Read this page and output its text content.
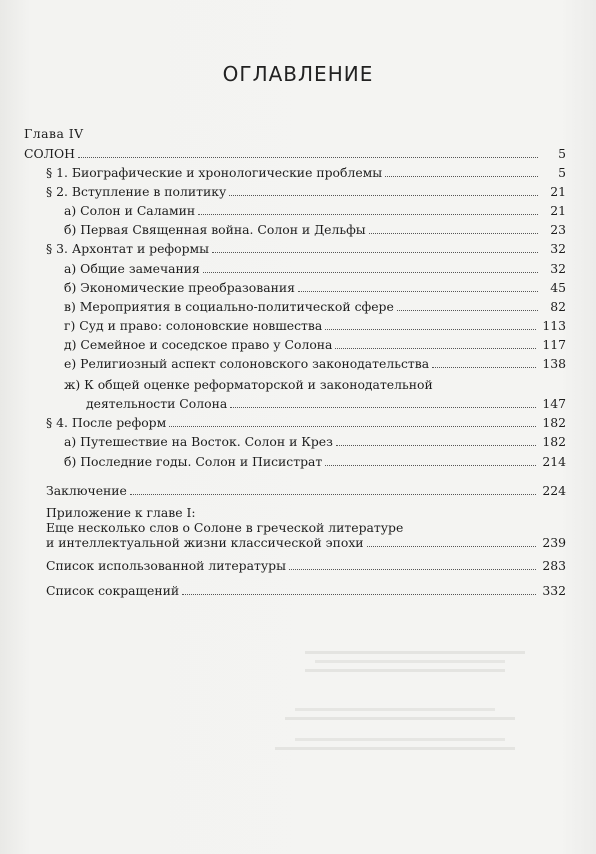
ОГЛАВЛЕНИЕ
Глава IV
СОЛОН	5
§ 1. Биографические и хронологические проблемы	5
§ 2. Вступление в политику	21
а) Солон и Саламин	21
б) Первая Священная война. Солон и Дельфы	23
§ 3. Архонтат и реформы	32
а) Общие замечания	32
б) Экономические преобразования	45
в) Мероприятия в социально-политической сфере	82
г) Суд и право: солоновские новшества	113
д) Семейное и соседское право у Солона	117
е) Религиозный аспект солоновского законодательства	138
ж) К общей оценке реформаторской и законодательной
деятельности Солона	147
§ 4. После реформ	182
а) Путешествие на Восток. Солон и Крез	182
б) Последние годы. Солон и Писистрат	214
Заключение	224
Приложение к главе I:
Еще несколько слов о Солоне в греческой литературе
и интеллектуальной жизни классической эпохи	239
Список использованной литературы	283
Список сокращений	332
